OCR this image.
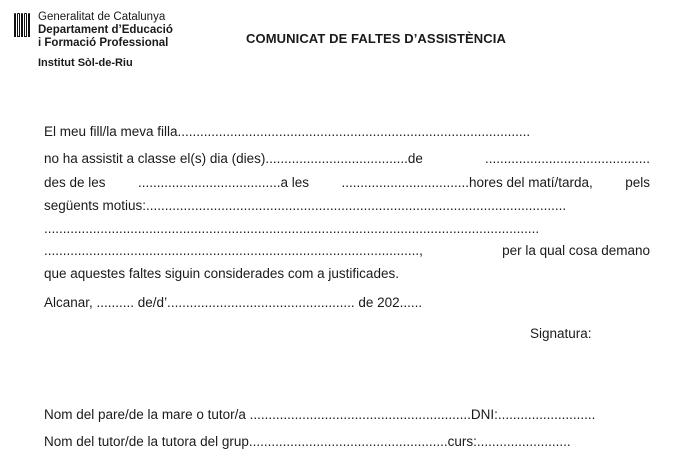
Generalitat de Catalunya
Departament d’Educació
i Formació Professional
Institut Sòl-de-Riu
COMUNICAT DE FALTES D’ASSISTÈNCIA
El meu fill/la meva filla..............................................................................................
no ha assistit a classe el(s) dia (dies)......................................de	............................................
des de les ......................................a les ..................................hores del matí/tarda, pels
següents motius:................................................................................................................
....................................................................................................................................
....................................................................................................,	per la qual cosa demano
que aquestes faltes siguin considerades com a justificades.
Alcanar, .......... de/d’.................................................. de 202......
Signatura:
Nom del pare/de la mare o tutor/a ...........................................................DNI:..........................
Nom del tutor/de la tutora del grup.....................................................curs:.........................
